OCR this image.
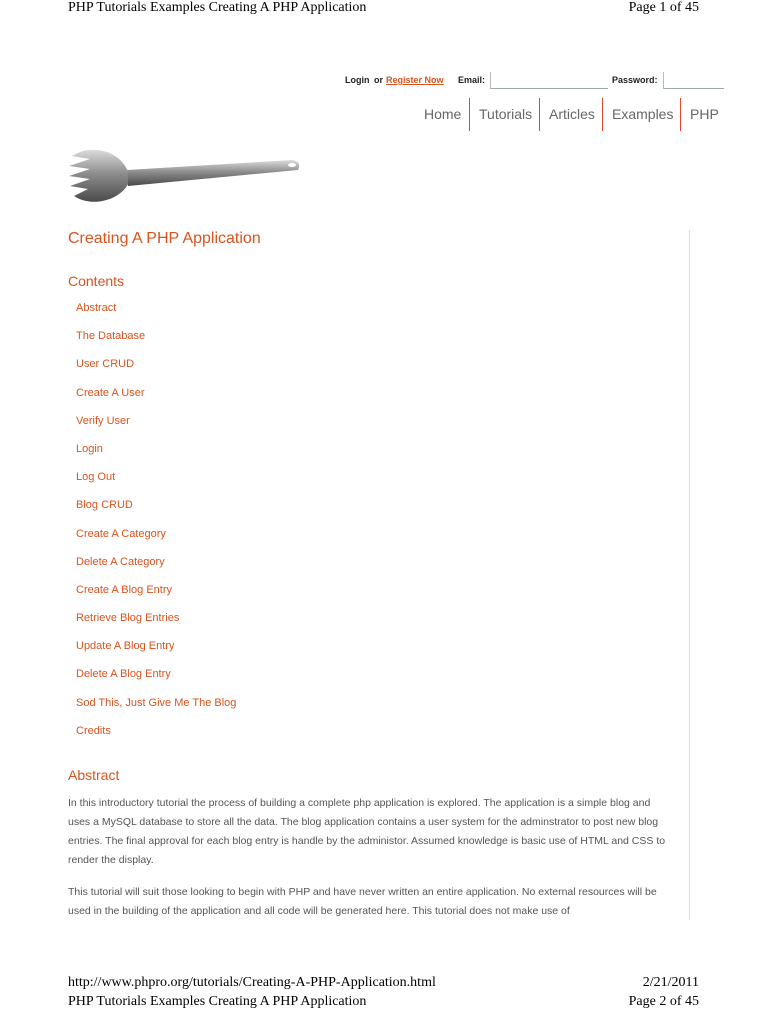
PHP Tutorials Examples Creating A PHP Application	Page 1 of 45
Login or Register Now Email:	Password:
Home Tutorials Articles Examples PHP
Creating A PHP Application
Contents
Abstract
The Database
User CRUD
Create A User
Verify User
Login
Log Out
Blog CRUD
Create A Category
Delete A Category
Create A Blog Entry
Retrieve Blog Entries
Update A Blog Entry
Delete A Blog Entry
Sod This, Just Give Me The Blog
Credits
Abstract

In this introductory tutorial the process of building a complete php application is explored. The application is a simple blog and uses a MySQL database to store all the data. The blog application contains a user system for the adminstrator to post new blog entries. The final approval for each blog entry is handle by the administor. Assumed knowledge is basic use of HTML and CSS to render the display.

This tutorial will suit those looking to begin with PHP and have never written an entire application. No external resources will be used in the building of the application and all code will be generated here. This tutorial does not make use of

http://www.phpro.org/tutorials/Creating-A-PHP-Application.html	2/21/2011
PHP Tutorials Examples Creating A PHP Application	Page 2 of 45
